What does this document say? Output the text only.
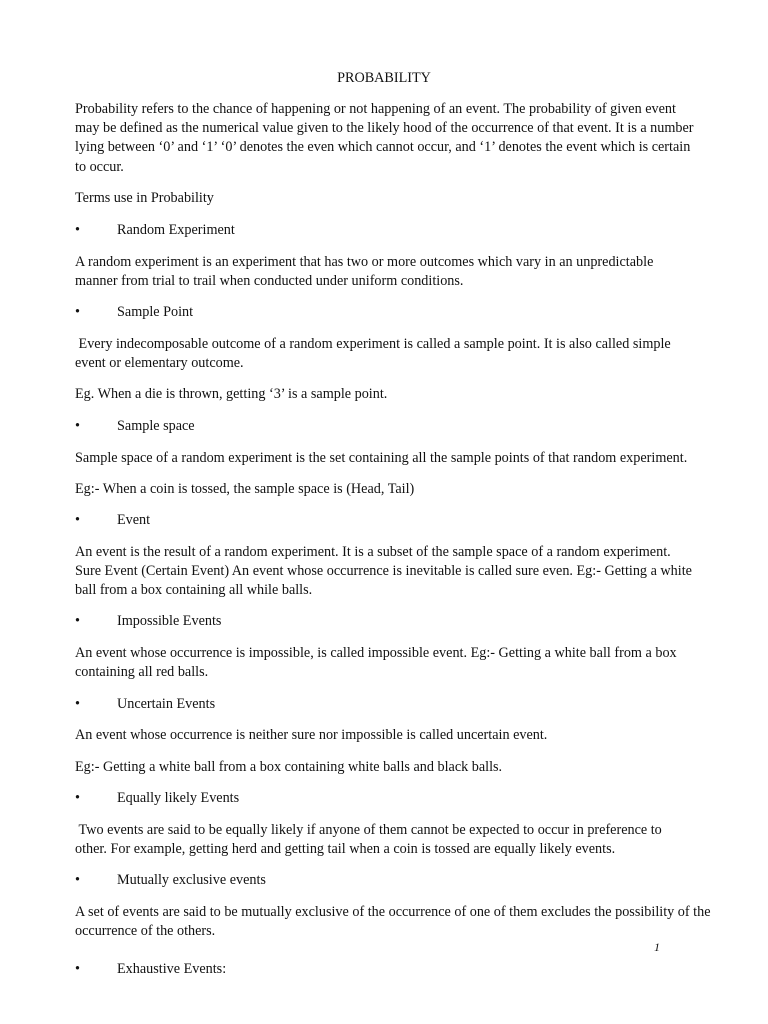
PROBABILITY

Probability refers to the chance of happening or not happening of an event. The probability of given event may be defined as the numerical value given to the likely hood of the occurrence of that event. It is a number lying between ‘0’ and ‘1’ ‘0’ denotes the even which cannot occur, and ‘1’ denotes the event which is certain to occur.

Terms use in Probability

•	Random Experiment

A random experiment is an experiment that has two or more outcomes which vary in an unpredictable manner from trial to trail when conducted under uniform conditions.

•	Sample Point

Every indecomposable outcome of a random experiment is called a sample point. It is also called simple event or elementary outcome.

Eg. When a die is thrown, getting ‘3’ is a sample point.

•	Sample space

Sample space of a random experiment is the set containing all the sample points of that random experiment.

Eg:- When a coin is tossed, the sample space is (Head, Tail)

•	Event

An event is the result of a random experiment. It is a subset of the sample space of a random experiment. Sure Event (Certain Event) An event whose occurrence is inevitable is called sure even. Eg:- Getting a white ball from a box containing all while balls.

•	Impossible Events

An event whose occurrence is impossible, is called impossible event. Eg:- Getting a white ball from a box containing all red balls.

•	Uncertain Events

An event whose occurrence is neither sure nor impossible is called uncertain event.

Eg:- Getting a white ball from a box containing white balls and black balls.

•	Equally likely Events

Two events are said to be equally likely if anyone of them cannot be expected to occur in preference to other. For example, getting herd and getting tail when a coin is tossed are equally likely events.

•	Mutually exclusive events

A set of events are said to be mutually exclusive of the occurrence of one of them excludes the possibility of the occurrence of the others.

1
•	Exhaustive Events:
